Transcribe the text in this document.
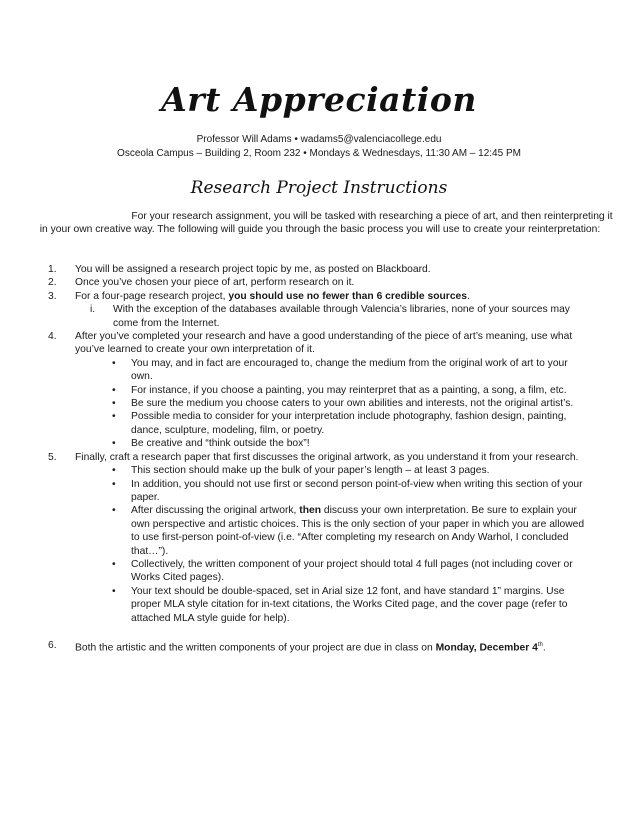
Art Appreciation
Professor Will Adams • wadams5@valenciacollege.edu
Osceola Campus – Building 2, Room 232 • Mondays & Wednesdays, 11:30 AM – 12:45 PM
Research Project Instructions
For your research assignment, you will be tasked with researching a piece of art, and then reinterpreting it in your own creative way. The following will guide you through the basic process you will use to create your reinterpretation:
1. You will be assigned a research project topic by me, as posted on Blackboard.
2. Once you’ve chosen your piece of art, perform research on it.
3. For a four-page research project, you should use no fewer than 6 credible sources.
i. With the exception of the databases available through Valencia’s libraries, none of your sources may come from the Internet.
4. After you’ve completed your research and have a good understanding of the piece of art’s meaning, use what you’ve learned to create your own interpretation of it.
• You may, and in fact are encouraged to, change the medium from the original work of art to your own.
• For instance, if you choose a painting, you may reinterpret that as a painting, a song, a film, etc.
• Be sure the medium you choose caters to your own abilities and interests, not the original artist’s.
• Possible media to consider for your interpretation include photography, fashion design, painting, dance, sculpture, modeling, film, or poetry.
• Be creative and “think outside the box”!
5. Finally, craft a research paper that first discusses the original artwork, as you understand it from your research.
• This section should make up the bulk of your paper’s length – at least 3 pages.
• In addition, you should not use first or second person point-of-view when writing this section of your paper.
• After discussing the original artwork, then discuss your own interpretation. Be sure to explain your own perspective and artistic choices. This is the only section of your paper in which you are allowed to use first-person point-of-view (i.e. “After completing my research on Andy Warhol, I concluded that…”).
• Collectively, the written component of your project should total 4 full pages (not including cover or Works Cited pages).
• Your text should be double-spaced, set in Arial size 12 font, and have standard 1” margins. Use proper MLA style citation for in-text citations, the Works Cited page, and the cover page (refer to attached MLA style guide for help).
6. Both the artistic and the written components of your project are due in class on Monday, December 4th.
